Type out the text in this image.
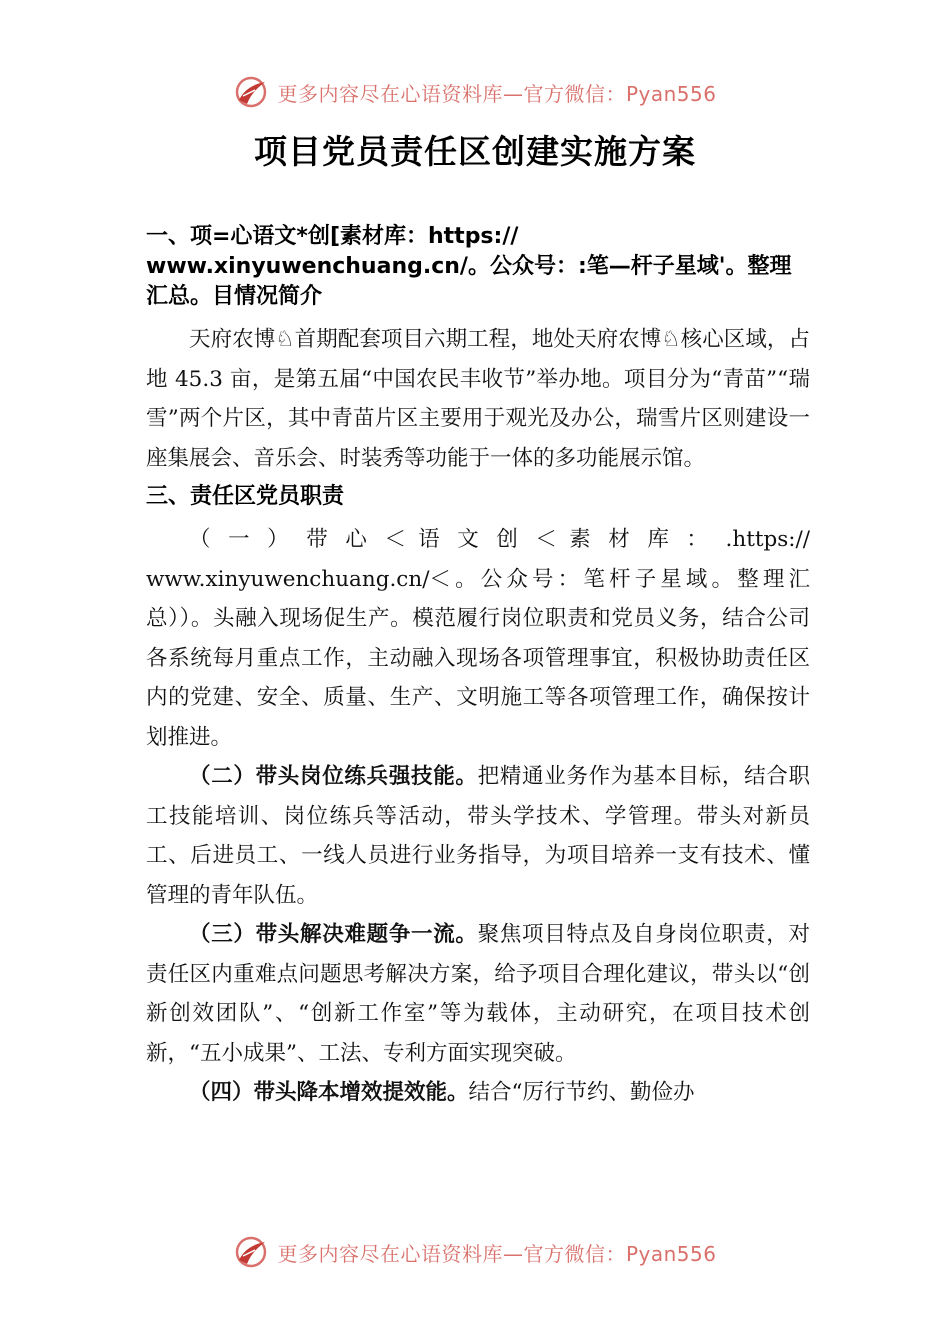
更多内容尽在心语资料库—官方微信：Pyan556
项目党员责任区创建实施方案

一、项=心语文*创[素材库：https:// www.xinyuwenchuang.cn/。公众号：:笔—杆子星域'。整理汇总。目情况简介

天府农博♘首期配套项目六期工程，地处天府农博♘核心区域，占地 45.3 亩，是第五届“中国农民丰收节”举办地。项目分为“青苗”“瑞雪”两个片区，其中青苗片区主要用于观光及办公，瑞雪片区则建设一座集展会、音乐会、时装秀等功能于一体的多功能展示馆。

三、责任区党员职责

（ 一 ） 带 心 ＜ 语 文 创 ＜ 素 材 库 ： .https:// www.xinyuwenchuang.cn/＜。公众号：笔杆子星域。整理汇总））。头融入现场促生产。模范履行岗位职责和党员义务，结合公司各系统每月重点工作，主动融入现场各项管理事宜，积极协助责任区内的党建、安全、质量、生产、文明施工等各项管理工作，确保按计划推进。

（二）带头岗位练兵强技能。把精通业务作为基本目标，结合职工技能培训、岗位练兵等活动，带头学技术、学管理。带头对新员工、后进员工、一线人员进行业务指导，为项目培养一支有技术、懂管理的青年队伍。

（三）带头解决难题争一流。聚焦项目特点及自身岗位职责，对责任区内重难点问题思考解决方案，给予项目合理化建议，带头以“创新创效团队”、“创新工作室”等为载体，主动研究，在项目技术创新，“五小成果”、工法、专利方面实现突破。

（四）带头降本增效提效能。结合“厉行节约、勤俭办

更多内容尽在心语资料库—官方微信：Pyan556
